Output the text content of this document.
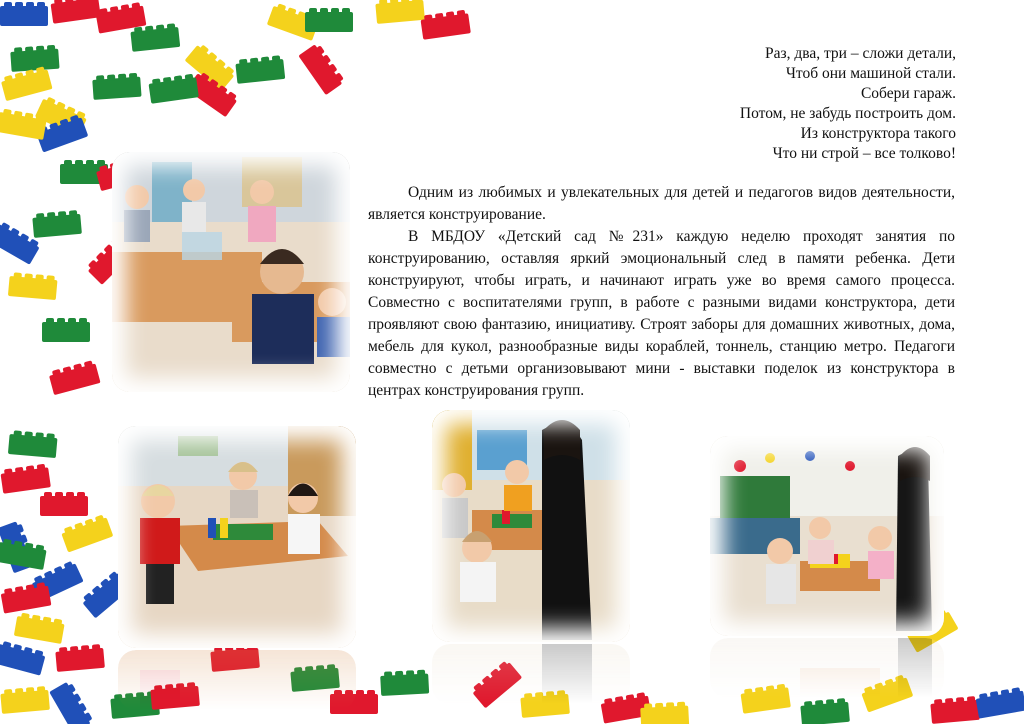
Раз, два, три – сложи детали,
Чтоб они машиной стали.
Собери гараж.
Потом, не забудь построить дом.
Из конструктора такого
Что ни строй – все толково!

Одним из любимых и увлекательных для детей и педагогов видов деятельности, является конструирование.

В МБДОУ «Детский сад №231» каждую неделю проходят занятия по конструированию, оставляя яркий эмоциональный след в памяти ребенка. Дети конструируют, чтобы играть, и начинают играть уже во время самого процесса. Совместно с воспитателями групп, в работе с разными видами конструктора, дети проявляют свою фантазию, инициативу. Строят заборы для домашних животных, дома, мебель для кукол, разнообразные виды кораблей, тоннель, станцию метро. Педагоги совместно с детьми организовывают мини - выставки поделок из конструктора в центрах конструирования групп.
